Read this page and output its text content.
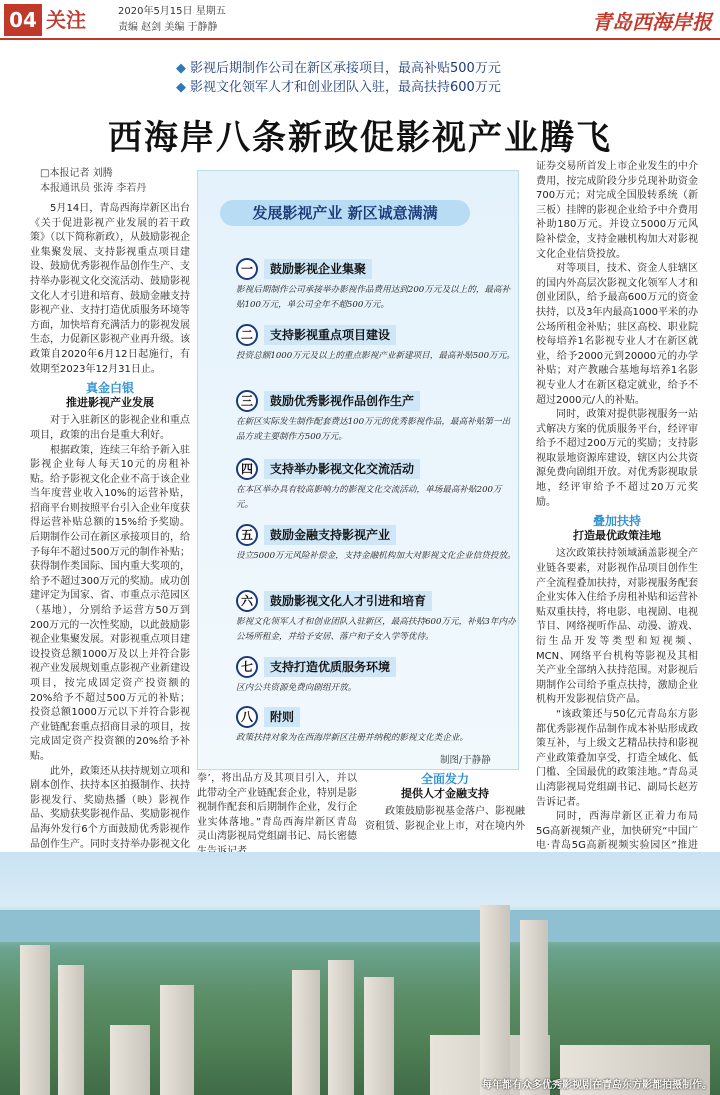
04 关注	2020年5月15日 星期五
责编 赵剑 美编 于静静	青岛西海岸报
◆ 影视后期制作公司在新区承接项目，最高补贴500万元
◆ 影视文化领军人才和创业团队入驻，最高扶持600万元
西海岸八条新政促影视产业腾飞
□本报记者 刘腾
本报通讯员 张涛 李若丹

5月14日，青岛西海岸新区出台《关于促进影视产业发展的若干政策》（以下简称新政），从鼓励影视企业集聚发展、支持影视重点项目建设、鼓励优秀影视作品创作生产、支持举办影视文化交流活动、鼓励影视文化人才引进和培育、鼓励金融支持影视产业、支持打造优质服务环境等方面，加快培育充满活力的影视发展生态，力促新区影视产业再升级。该政策自2020年6月12日起施行，有效期至2023年12月31日止。

真金白银
推进影视产业发展

对于入驻新区的影视企业和重点项目，政策的出台是重大利好。

根据政策，连续三年给予新入驻影视企业每人每天10元的房租补贴。给予影视文化企业不高于该企业当年度营业收入10%的运营补贴，招商平台则按照平台引入企业年度获得运营补贴总额的15%给予奖励。后期制作公司在新区承接项目的，给予每年不超过500万元的制作补贴；获得制作类国际、国内重大奖项的，给予不超过300万元的奖励。成功创建评定为国家、省、市重点示范园区（基地），分别给予运营方50万到200万元的一次性奖励，以此鼓励影视企业集聚发展。对影视重点项目建设投资总额1000万及以上并符合影视产业发展规划重点影视产业新建设项目，按完成固定资产投资额的20%给予不超过500万元的补贴；投资总额1000万元以下并符合影视产业链配套重点招商目录的项目，按完成固定资产投资额的20%给予补贴。

此外，政策还从扶持规划立项和剧本创作、扶持本区拍摄制作、扶持影视发行、奖励热播（映）影视作品、奖励获奖影视作品、奖励影视作品海外发行6个方面鼓励优秀影视作品创作生产。同时支持举办影视文化

发展影视产业 新区诚意满满
一	鼓励影视企业集聚
影视后期制作公司承接举办影视作品费用达到200万元及以上的，最高补贴100万元，单公司全年不超500万元。
二	支持影视重点项目建设
投资总额1000万元及以上的重点影视产业新建项目，最高补贴500万元。
三	鼓励优秀影视作品创作生产
在新区实际发生制作配套费达100万元的优秀影视作品，最高补贴第一出品方或主要制作方500万元。
四	支持举办影视文化交流活动
在本区举办具有较高影响力的影视文化交流活动，单场最高补贴200万元。
五	鼓励金融支持影视产业
设立5000万元风险补偿金，支持金融机构加大对影视文化企业信贷投放。
六	鼓励影视文化人才引进和培育
影视文化领军人才和创业团队入驻新区，最高扶持600万元，补贴3年内办公场所租金，并给予安居、落户和子女入学等优待。
七	支持打造优质服务环境
区内公共资源免费向剧组开放。
八	附则
政策扶持对象为在西海岸新区注册并纳税的影视文化类企业。
制图/于静静
拳’，将出品方及其项目引入，并以此带动全产业链配套企业，特别是影视制作配套和后期制作企业，发行企业实体落地。”青岛西海岸新区青岛灵山湾影视局党组副书记、局长密德
全面发力
提供人才金融支持

政策鼓励影视基金落户、影视融资租赁、影视企业上市，对在境内外

证券交易所首发上市企业发生的中介费用，按完成阶段分步兑现补助资金700万元；对完成全国股转系统（新三板）挂牌的影视企业给予中介费用补助180万元。并设立5000万元风险补偿金，支持金融机构加大对影视文化企业信贷投放。

对等项目，技术、资金人驻辖区的国内外高层次影视文化领军人才和创业团队，给予最高600万元的资金扶持，以及3年内最高1000平米的办公场所租金补贴；驻区高校、职业院校每培养1名影视专业人才在新区就业，给予2000元到20000元的办学补贴；对产教融合基地每培养1名影视专业人才在新区稳定就业，给予不超过2000元/人的补贴。

同时，政策对提供影视服务一站式解决方案的优质服务平台，经评审给予不超过200万元的奖励；支持影视取景地资源库建设，辖区内公共资源免费向剧组开放。对优秀影视取景地，经评审给予不超过20万元奖励。

叠加扶持
打造最优政策洼地

这次政策扶持领域涵盖影视全产业链各要素，对影视作品项目创作生产全流程叠加扶持，对影视服务配套企业实体入住给予房租补贴和运营补贴双重扶持，将电影、电视剧、电视节目、网络视听作品、动漫、游戏、衍生品开发等类型和短视频、MCN、网络平台机构等影视及其相关产业全部纳入扶持范围。对影视后期制作公司给予重点扶持，激励企业机构开发影视信贷产品。

“该政策还与50亿元青岛东方影都优秀影视作品制作成本补贴形成政策互补，与上级文艺精品扶持和影视产业政策叠加享受，打造全域化、低门槛、全国最优的政策洼地。”青岛灵山湾影视局党组副书记、副局长赵芳告诉记者。

同时，西海岸新区正着力布局5G高新视频产业，加快研究“中国广电·青岛5G高新视频实验园区”推进

每年都有众多优秀影视剧在青岛东方影都拍摄制作。
